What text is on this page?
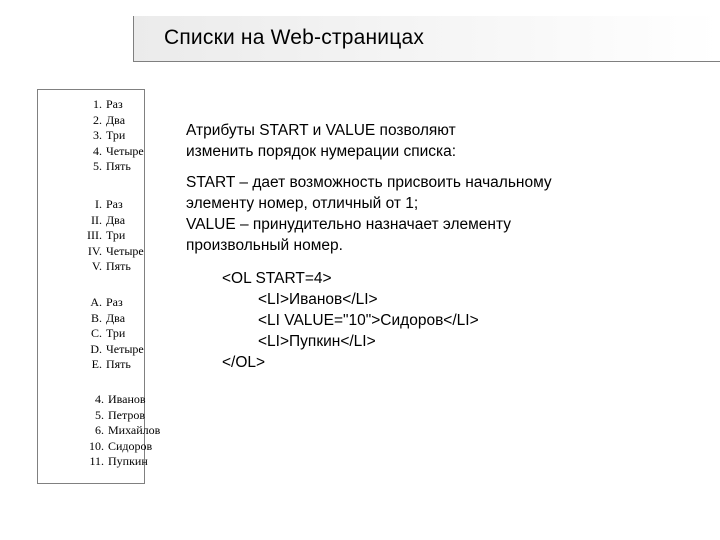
Списки на Web-страницах
1. Раз
2. Два
3. Три
4. Четыре
5. Пять
I. Раз
II. Два
III. Три
IV. Четыре
V. Пять
A. Раз
B. Два
C. Три
D. Четыре
E. Пять
4. Иванов
5. Петров
6. Михайлов
10. Сидоров
11. Пупкин

Атрибуты START и VALUE позволяют
изменить порядок нумерации списка:

START – дает возможность присвоить начальному
элементу номер, отличный от 1;
VALUE – принудительно назначает элементу
произвольный номер.

<OL START=4>
<LI>Иванов</LI>
<LI VALUE="10">Сидоров</LI>
<LI>Пупкин</LI>
</OL>
